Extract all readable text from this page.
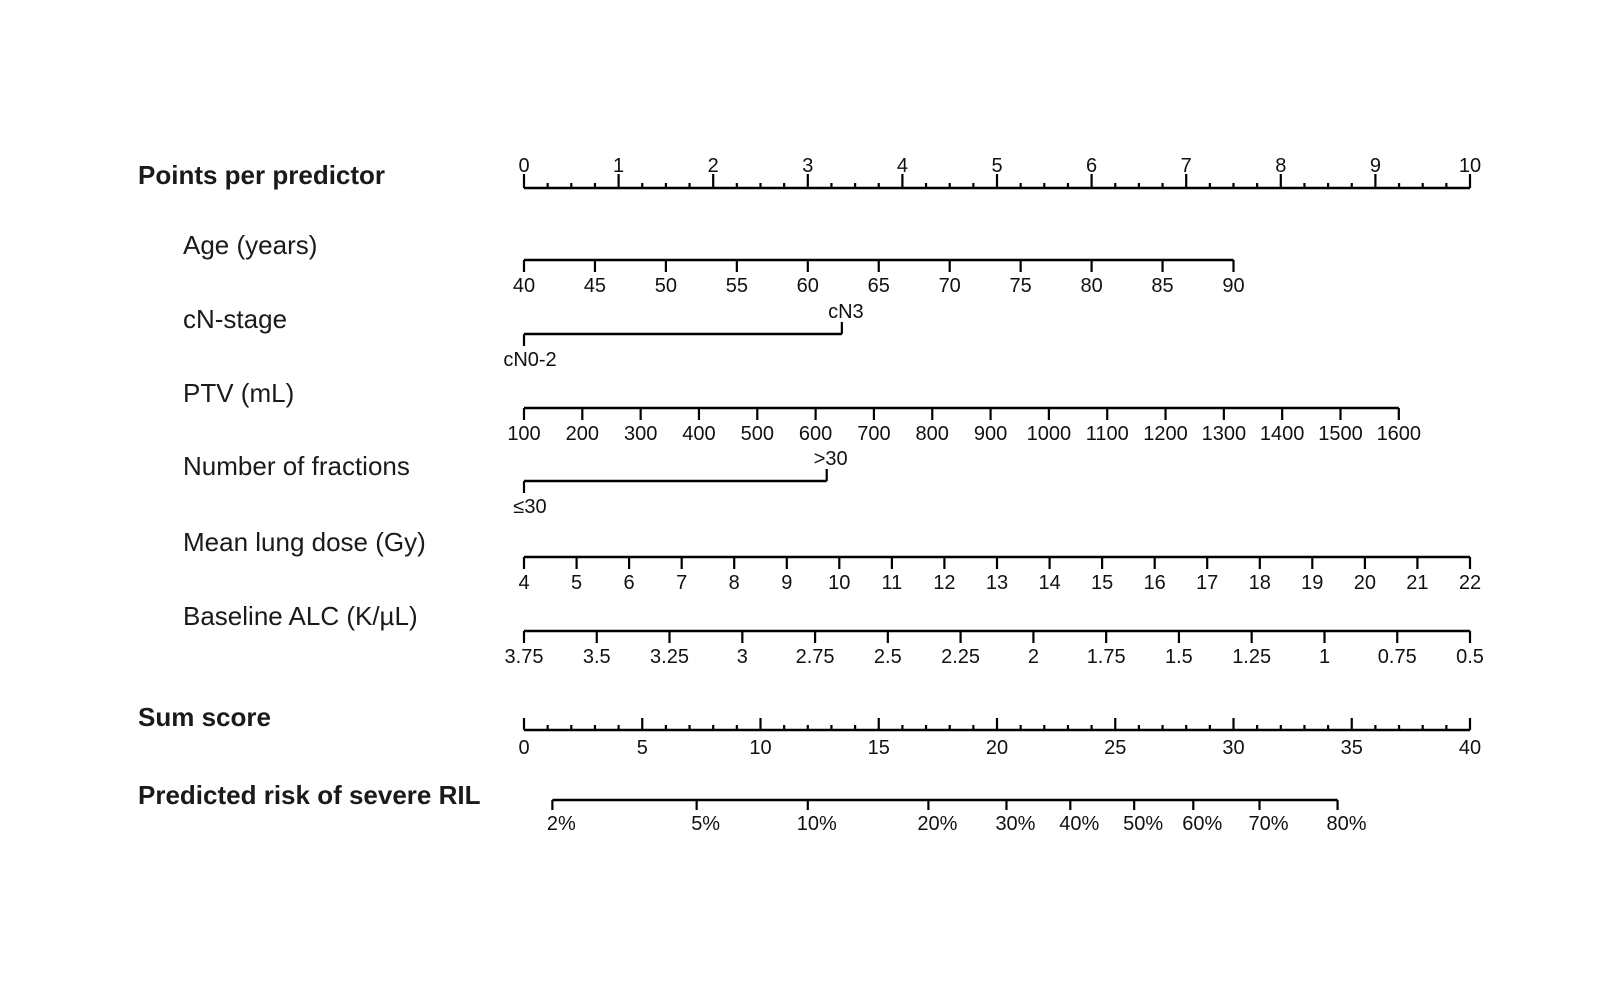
Points per predictor	0	1	2	3	4	5	6	7	8	9	10
Age (years)
40 45 50 55 60 65 70 75 80 85 90
cN-stage
cN0-2
cN3
PTV (mL)
100 200 300 400 500 600 700 800 900 1000 1100 1200 1300 1400 1500 1600
Number of fractions
≤30
>30
Mean lung dose (Gy)
4 5 6 7 8 9 10 11 12 13 14 15 16 17 18 19 20 21 22
Baseline ALC (K/µL)
3.75 3.5 3.25 3 2.75 2.5 2.25 2 1.75 1.5 1.25 1 0.75 0.5
Sum score
0	5	10	15	20	25	30	35	40
Predicted risk of severe RIL
2%	5%	10%	20% 30% 40% 50% 60% 70% 80%
